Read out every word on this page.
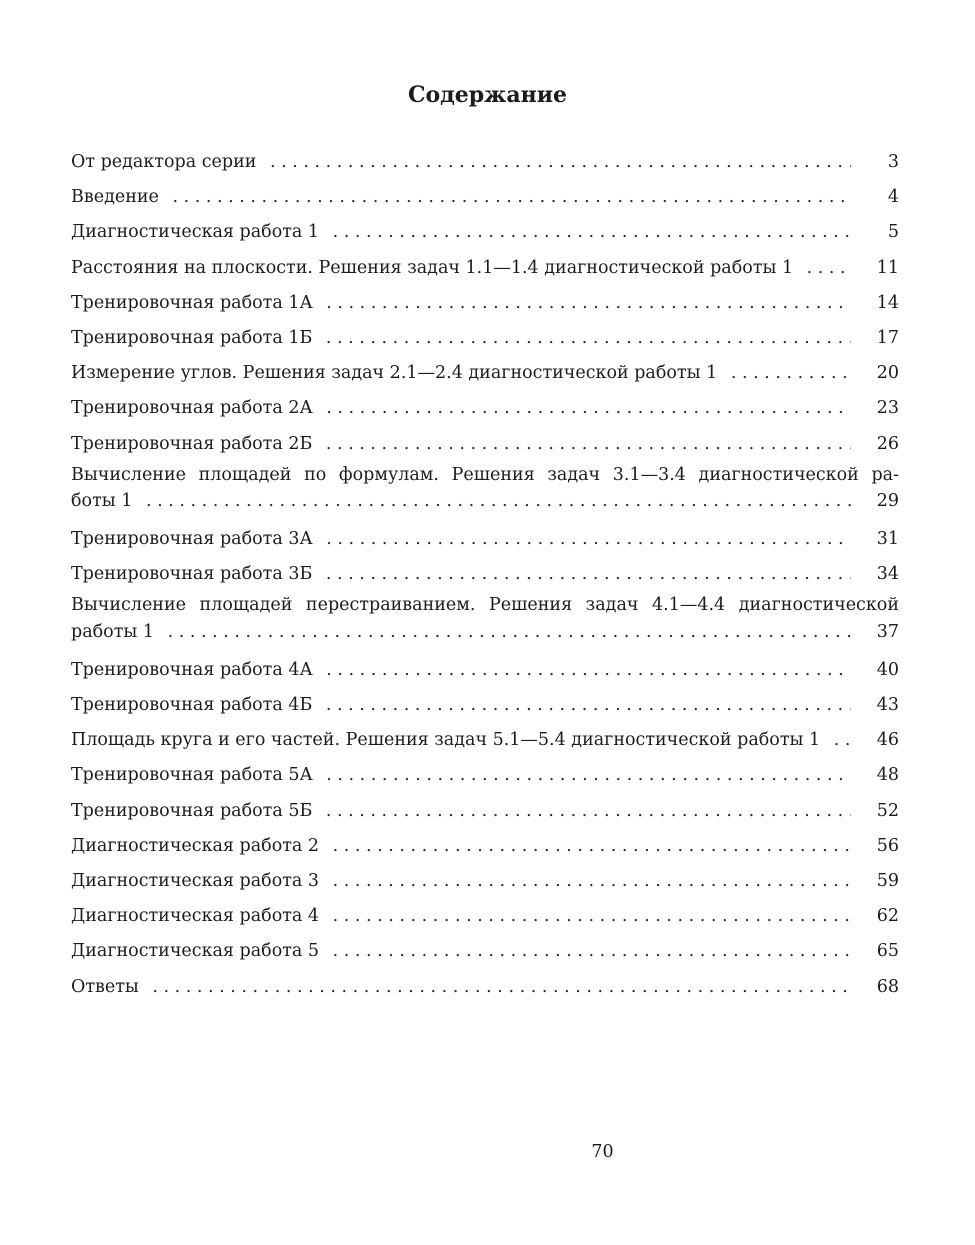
Содержание
От редактора серии . . .	3
Введение . . .	4
Диагностическая работа 1 . . .	5
Расстояния на плоскости. Решения задач 1.1—1.4 диагностической работы 1 . . .	11
Тренировочная работа 1А . . .	14
Тренировочная работа 1Б . . .	17
Измерение углов. Решения задач 2.1—2.4 диагностической работы 1 . . .	20
Тренировочная работа 2А . . .	23
Тренировочная работа 2Б . . .	26
Вычисление площадей по формулам. Решения задач 3.1—3.4 диагностической ра-
боты 1 . . .	29
Тренировочная работа 3А . . .	31
Тренировочная работа 3Б . . .	34
Вычисление площадей перестраиванием. Решения задач 4.1—4.4 диагностической
работы 1 . . .	37
Тренировочная работа 4А . . .	40
Тренировочная работа 4Б . . .	43
Площадь круга и его частей. Решения задач 5.1—5.4 диагностической работы 1 . . .	46
Тренировочная работа 5А . . .	48
Тренировочная работа 5Б . . .	52
Диагностическая работа 2 . . .	56
Диагностическая работа 3 . . .	59
Диагностическая работа 4 . . .	62
Диагностическая работа 5 . . .	65
Ответы . . .	68
70
